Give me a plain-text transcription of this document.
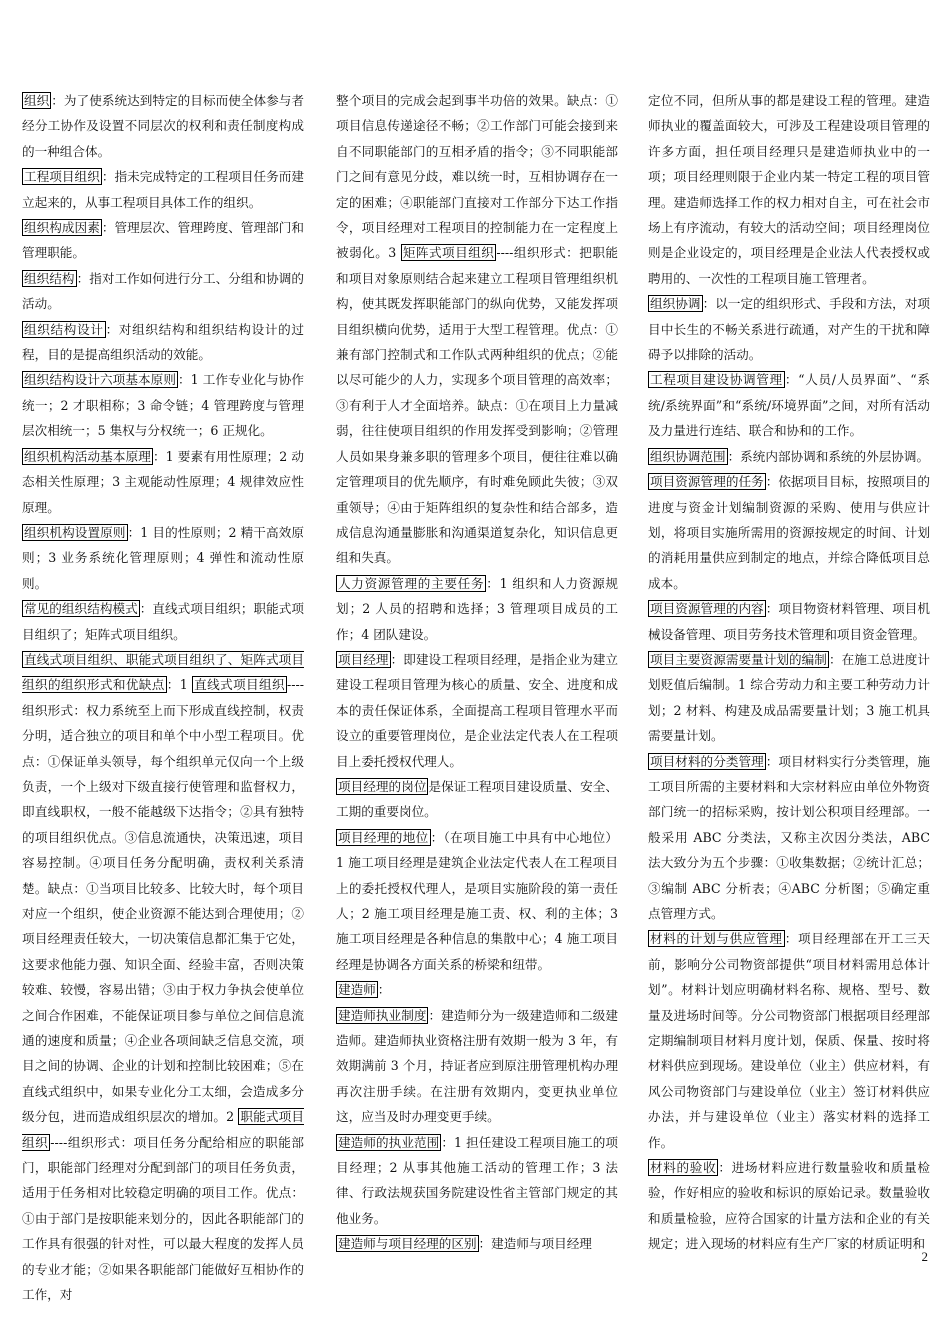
组织 ：为了使系统达到特定的目标而使全体参与者经分工协作及设置不同层次的权利和责任制度构成的一种组合体。

工程项目组织 ：指未完成特定的工程项目任务而建立起来的，从事工程项目具体工作的组织。

组织构成因素 ：管理层次、管理跨度、管理部门和管理职能。

组织结构 ：指对工作如何进行分工、分组和协调的活动。

组织结构设计 ：对组织结构和组织结构设计的过程，目的是提高组织活动的效能。

组织结构设计六项基本原则 ：1 工作专业化与协作统一；2 才职相称；3 命令链；4 管理跨度与管理层次相统一；5 集权与分权统一；6 正规化。

组织机构活动基本原理 ：1 要素有用性原理；2 动态相关性原理；3 主观能动性原理；4 规律效应性原理。

组织机构设置原则 ：1 目的性原则；2 精干高效原则；3 业务系统化管理原则；4 弹性和流动性原则。

常见的组织结构模式 ：直线式项目组织；职能式项目组织了；矩阵式项目组织。

直线式项目组织、职能式项目组织了、矩阵式项目组织的组织形式和优缺点 ：1 直线式项目组织 ----组织形式：权力系统至上而下形成直线控制，权责分明，适合独立的项目和单个中小型工程项目。优点：①保证单头领导，每个组织单元仅向一个上级负责，一个上级对下级直接行使管理和监督权力，即直线职权，一般不能越级下达指令；②具有独特的项目组织优点。③信息流通快，决策迅速，项目容易控制。④项目任务分配明确，责权利关系清楚。缺点：①当项目比较多、比较大时，每个项目对应一个组织，使企业资源不能达到合理使用；②项目经理责任较大，一切决策信息都汇集于它处，这要求他能力强、知识全面、经验丰富，否则决策较难、较慢，容易出错；③由于权力争执会使单位之间合作困难，不能保证项目参与单位之间信息流通的速度和质量；④企业各项间缺乏信息交流，项目之间的协调、企业的计划和控制比较困难；⑤在直线式组织中，如果专业化分工太细，会造成多分级分包，进而造成组织层次的增加。2 职能式项目组织 ----组织形式：项目任务分配给相应的职能部门，职能部门经理对分配到部门的项目任务负责，适用于任务相对比较稳定明确的项目工作。优点：①由于部门是按职能来划分的，因此各职能部门的工作具有很强的针对性，可以最大程度的发挥人员的专业才能；②如果各职能部门能做好互相协作的工作，对

整个项目的完成会起到事半功倍的效果。缺点：①项目信息传递途径不畅；②工作部门可能会接到来自不同职能部门的互相矛盾的指令；③不同职能部门之间有意见分歧，难以统一时，互相协调存在一定的困难；④职能部门直接对工作部分下达工作指令，项目经理对工程项目的控制能力在一定程度上被弱化。3 矩阵式项目组织 ----组织形式：把职能和项目对象原则结合起来建立工程项目管理组织机构，使其既发挥职能部门的纵向优势，又能发挥项目组织横向优势，适用于大型工程管理。优点：①兼有部门控制式和工作队式两种组织的优点；②能以尽可能少的人力，实现多个项目管理的高效率；③有利于人才全面培养。缺点：①在项目上力量减弱，往往使项目组织的作用发挥受到影响；②管理人员如果身兼多职的管理多个项目，便往往难以确定管理项目的优先顺序，有时难免顾此失彼；③双重领导；④由于矩阵组织的复杂性和结合部多，造成信息沟通量膨胀和沟通渠道复杂化，知识信息更组和失真。

人力资源管理的主要任务 ：1 组织和人力资源规划；2 人员的招聘和选择；3 管理项目成员的工作；4 团队建设。

项目经理 ：即建设工程项目经理，是指企业为建立建设工程项目管理为核心的质量、安全、进度和成本的责任保证体系，全面提高工程项目管理水平而设立的重要管理岗位，是企业法定代表人在工程项目上委托授权代理人。

项目经理的岗位 是保证工程项目建设质量、安全、工期的重要岗位。

项目经理的地位 ：（在项目施工中具有中心地位）1 施工项目经理是建筑企业法定代表人在工程项目上的委托授权代理人，是项目实施阶段的第一责任人；2 施工项目经理是施工责、权、利的主体；3 施工项目经理是各种信息的集散中心；4 施工项目经理是协调各方面关系的桥梁和纽带。

建造师 ：

建造师执业制度 ：建造师分为一级建造师和二级建造师。建造师执业资格注册有效期一般为 3 年，有效期满前 3 个月，持证者应到原注册管理机构办理再次注册手续。在注册有效期内，变更执业单位这，应当及时办理变更手续。

建造师的执业范围 ：1 担任建设工程项目施工的项目经理；2 从事其他施工活动的管理工作；3 法律、行政法规获国务院建设性省主管部门规定的其他业务。

建造师与项目经理的区别 ：建造师与项目经理

定位不同，但所从事的都是建设工程的管理。建造师执业的覆盖面较大，可涉及工程建设项目管理的许多方面，担任项目经理只是建造师执业中的一项；项目经理则限于企业内某一特定工程的项目管理。建造师选择工作的权力相对自主，可在社会市场上有序流动，有较大的活动空间；项目经理岗位则是企业设定的，项目经理是企业法人代表授权或聘用的、一次性的工程项目施工管理者。

组织协调 ：以一定的组织形式、手段和方法，对项目中长生的不畅关系进行疏通，对产生的干扰和障碍予以排除的活动。

工程项目建设协调管理 ：“人员/人员界面”、“系统/系统界面”和“系统/环境界面”之间，对所有活动及力量进行连结、联合和协和的工作。

组织协调范围 ：系统内部协调和系统的外层协调。

项目资源管理的任务 ：依据项目目标，按照项目的进度与资金计划编制资源的采购、使用与供应计划，将项目实施所需用的资源按规定的时间、计划的消耗用量供应到制定的地点，并综合降低项目总成本。

项目资源管理的内容 ：项目物资材料管理、项目机械设备管理、项目劳务技术管理和项目资金管理。

项目主要资源需要量计划的编制 ：在施工总进度计划贬值后编制。1 综合劳动力和主要工种劳动力计划；2 材料、构建及成品需要量计划；3 施工机具需要量计划。

项目材料的分类管理 ：项目材料实行分类管理，施工项目所需的主要材料和大宗材料应由单位外物资部门统一的招标采购，按计划公积项目经理部。一般采用 ABC 分类法，又称主次因分类法，ABC 法大致分为五个步骤：①收集数据；②统计汇总；③编制 ABC 分析表；④ABC 分析图；⑤确定重点管理方式。

材料的计划与供应管理 ：项目经理部在开工三天前，影响分公司物资部提供“项目材料需用总体计划”。材料计划应明确材料名称、规格、型号、数量及进场时间等。分公司物资部门根据项目经理部定期编制项目材料月度计划，保质、保量、按时将材料供应到现场。建设单位（业主）供应材料，有风公司物资部门与建设单位（业主）签订材料供应办法，并与建设单位（业主）落实材料的选择工作。

材料的验收 ：进场材料应进行数量验收和质量检验，作好相应的验收和标识的原始记录。数量验收和质量检验，应符合国家的计量方法和企业的有关规定；进入现场的材料应有生产厂家的材质证明和

2
